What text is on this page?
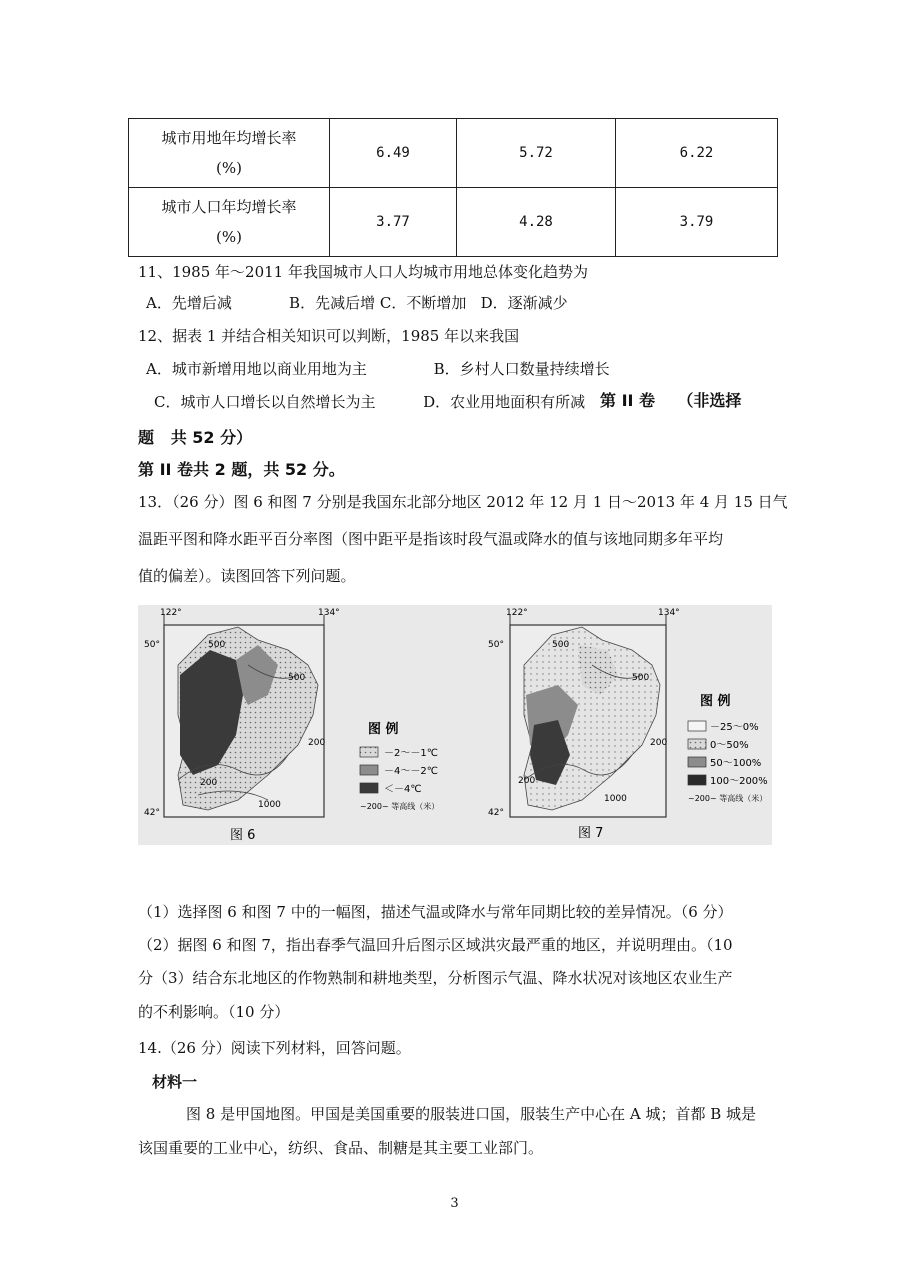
城市用地年均增长率
(%)	6.49	5.72	6.22

城市人口年均增长率
(%)	3.77	4.28	3.79
11、1985 年～2011 年我国城市人口人均城市用地总体变化趋势为
A．先增后减            B．先减后增 C．不断增加   D．逐渐减少
12、据表 1 并结合相关知识可以判断，1985 年以来我国
A．城市新增用地以商业用地为主              B．乡村人口数量持续增长
C．城市人口增长以自然增长为主          D．农业用地面积有所减 第 II 卷    （非选择
题   共 52 分）
第 II 卷共 2 题，共 52 分。
13．（26 分）图 6 和图 7 分别是我国东北部分地区 2012 年 12 月 1 日～2013 年 4 月 15 日气
温距平图和降水距平百分率图（图中距平是指该时段气温或降水的值与该地同期多年平均
值的偏差）。读图回答下列问题。
122°	134°
50°
42°
500
500
200
200
1000
图 例
－2～－1℃
－4～－2℃
＜－4℃
~200~ 等高线（米）
图 6
122°	134°
50°
42°
500
500
200
200
1000
图 例
－25～0%
0～50%
50～100%
100～200%
~200~ 等高线（米）
图 7
（1）选择图 6 和图 7 中的一幅图，描述气温或降水与常年同期比较的差异情况。（6 分）
（2）据图 6 和图 7，指出春季气温回升后图示区域洪灾最严重的地区，并说明理由。（10
分（3）结合东北地区的作物熟制和耕地类型，分析图示气温、降水状况对该地区农业生产
的不利影响。（10 分）
14.（26 分）阅读下列材料，回答问题。
材料一
图 8 是甲国地图。甲国是美国重要的服装进口国，服装生产中心在 A 城；首都 B 城是
该国重要的工业中心，纺织、食品、制糖是其主要工业部门。
3
